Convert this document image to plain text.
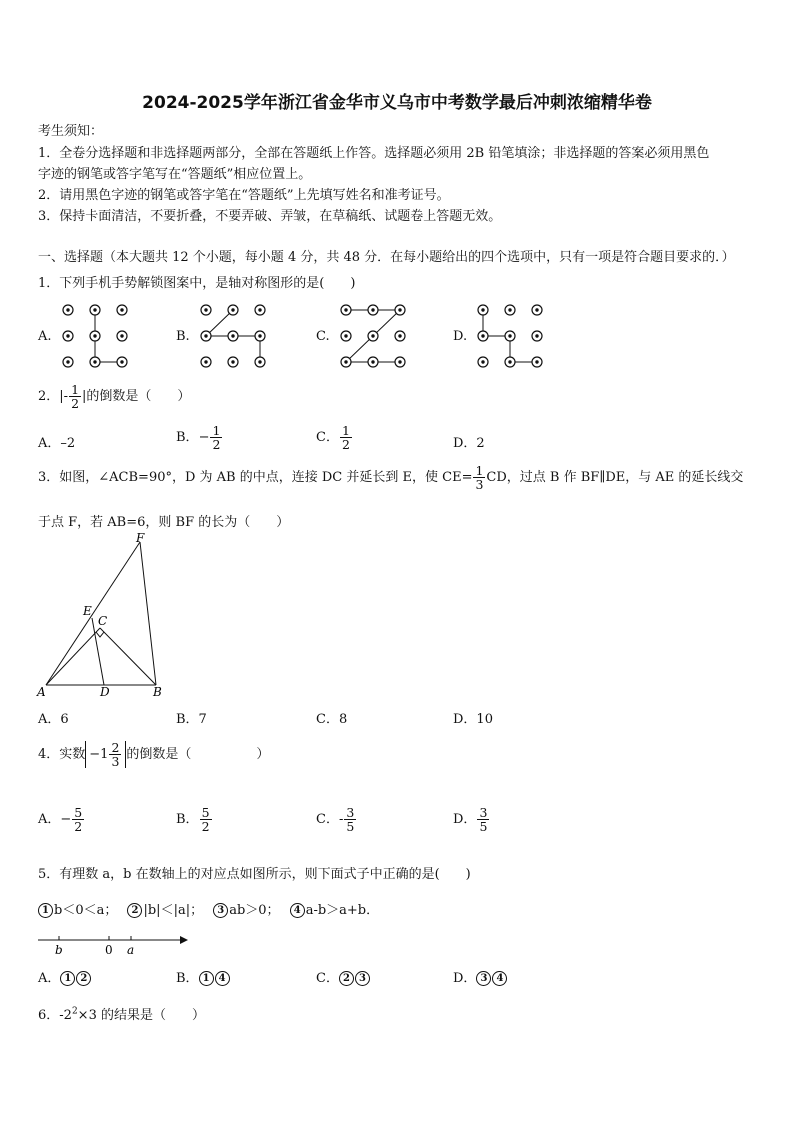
2024-2025学年浙江省金华市义乌市中考数学最后冲刺浓缩精华卷
考生须知：
1．全卷分选择题和非选择题两部分，全部在答题纸上作答。选择题必须用 2B 铅笔填涂；非选择题的答案必须用黑色
字迹的钢笔或答字笔写在“答题纸”相应位置上。
2．请用黑色字迹的钢笔或答字笔在“答题纸”上先填写姓名和准考证号。
3．保持卡面清洁，不要折叠，不要弄破、弄皱，在草稿纸、试题卷上答题无效。
一、选择题（本大题共 12 个小题，每小题 4 分，共 48 分．在每小题给出的四个选项中，只有一项是符合题目要求的．）
1．下列手机手势解锁图案中，是轴对称图形的是(　　)
A.	B.	C.	D.
2．|- $\frac{1}{2}$ |的倒数是（　　）
A．–2	B．− $\frac{1}{2}$	C． $\frac{1}{2}$	D．2
3．如图，∠ACB=90°，D 为 AB 的中点，连接 DC 并延长到 E，使 $CE= \frac{1}{3}$ CD，过点 B 作 BF∥DE，与 AE 的延长线交
于点 F，若 AB=6，则 BF 的长为（　　）
F
E
C
A	D	B
A．6	B．7	C．8	D．10
4．实数 $-1 \frac{2}{3}$ 的倒数是（　　　　　）
A．− $\frac{5}{2}$	B． $\frac{5}{2}$	C．- $\frac{3}{5}$	D． $\frac{3}{5}$
5．有理数 a，b 在数轴上的对应点如图所示，则下面式子中正确的是(　　)
1 b＜0＜a； 2 |b|＜|a|； 3 ab＞0； 4 a-b＞a+b．
b	0 a
A． 1 2	B． 1 4	C． 2 3	D． 3 4
6．$-2^2\times 3$ 的结果是（　　）
